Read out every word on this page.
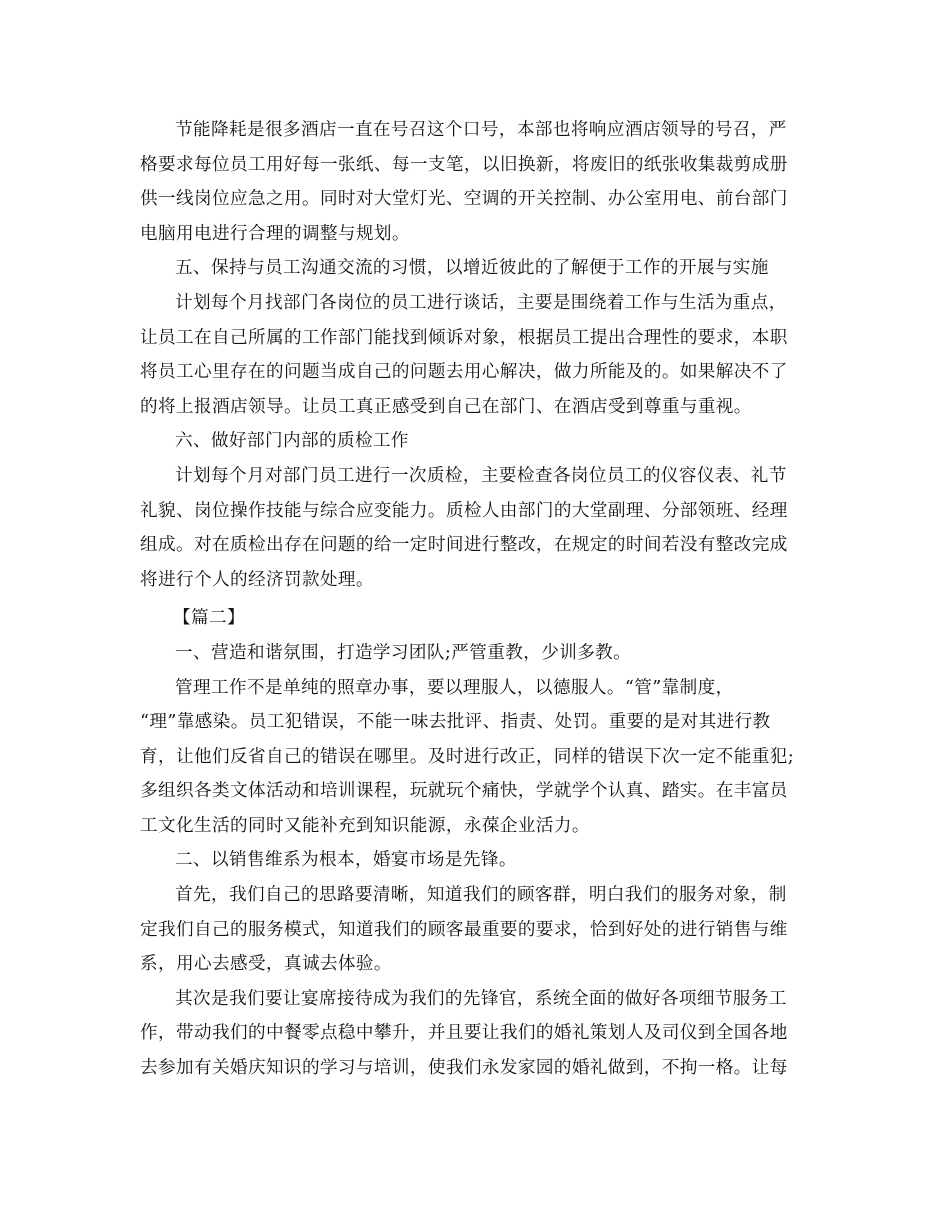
节能降耗是很多酒店一直在号召这个口号，本部也将响应酒店领导的号召，严
格要求每位员工用好每一张纸、每一支笔，以旧换新，将废旧的纸张收集裁剪成册
供一线岗位应急之用。同时对大堂灯光、空调的开关控制、办公室用电、前台部门
电脑用电进行合理的调整与规划。

五、保持与员工沟通交流的习惯，以增近彼此的了解便于工作的开展与实施

计划每个月找部门各岗位的员工进行谈话，主要是围绕着工作与生活为重点，
让员工在自己所属的工作部门能找到倾诉对象，根据员工提出合理性的要求，本职
将员工心里存在的问题当成自己的问题去用心解决，做力所能及的。如果解决不了
的将上报酒店领导。让员工真正感受到自己在部门、在酒店受到尊重与重视。

六、做好部门内部的质检工作

计划每个月对部门员工进行一次质检，主要检查各岗位员工的仪容仪表、礼节
礼貌、岗位操作技能与综合应变能力。质检人由部门的大堂副理、分部领班、经理
组成。对在质检出存在问题的给一定时间进行整改，在规定的时间若没有整改完成
将进行个人的经济罚款处理。

【篇二】

一、营造和谐氛围，打造学习团队;严管重教，少训多教。

管理工作不是单纯的照章办事，要以理服人，以德服人。“管”靠制度，
“理”靠感染。员工犯错误，不能一味去批评、指责、处罚。重要的是对其进行教
育，让他们反省自己的错误在哪里。及时进行改正，同样的错误下次一定不能重犯;
多组织各类文体活动和培训课程，玩就玩个痛快，学就学个认真、踏实。在丰富员
工文化生活的同时又能补充到知识能源，永葆企业活力。

二、以销售维系为根本，婚宴市场是先锋。

首先，我们自己的思路要清晰，知道我们的顾客群，明白我们的服务对象，制
定我们自己的服务模式，知道我们的顾客最重要的要求，恰到好处的进行销售与维
系，用心去感受，真诚去体验。

其次是我们要让宴席接待成为我们的先锋官，系统全面的做好各项细节服务工
作，带动我们的中餐零点稳中攀升，并且要让我们的婚礼策划人及司仪到全国各地
去参加有关婚庆知识的学习与培训，使我们永发家园的婚礼做到，不拘一格。让每
